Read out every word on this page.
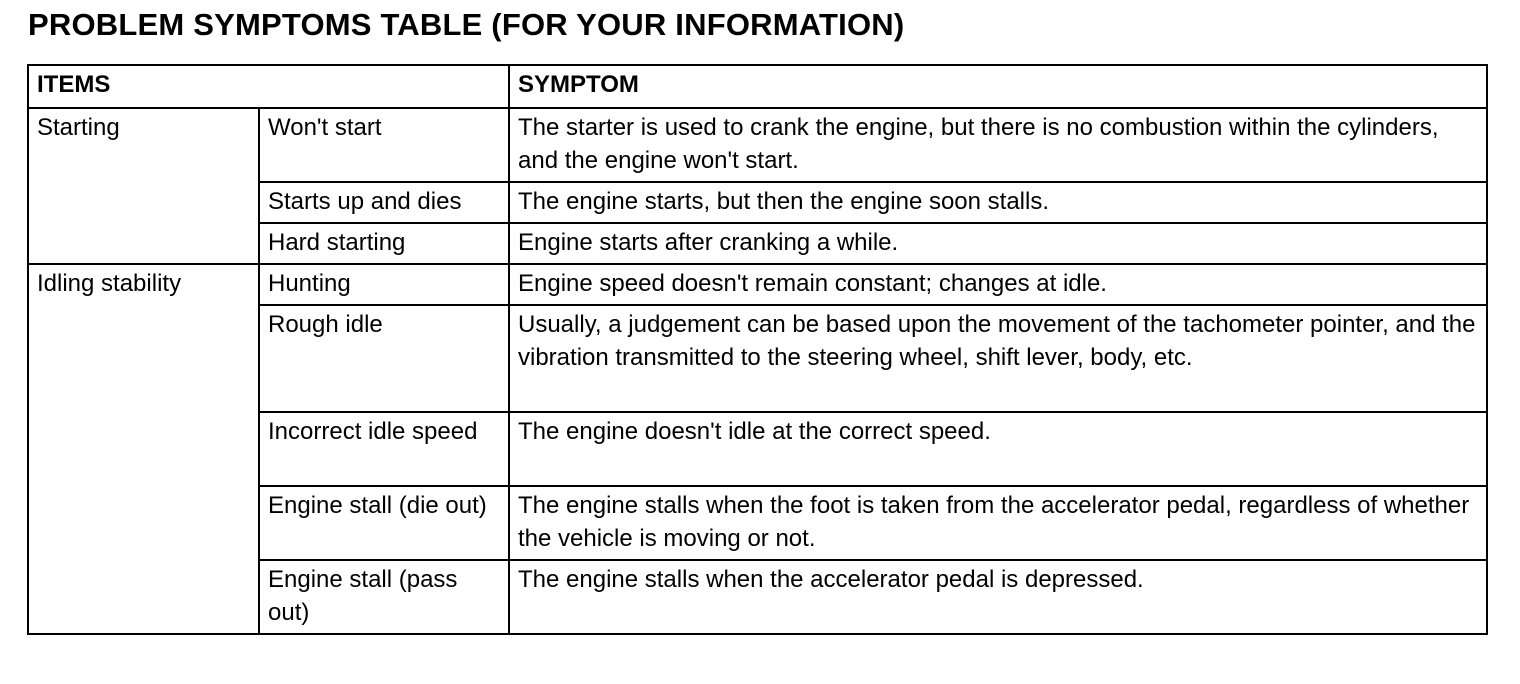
PROBLEM SYMPTOMS TABLE (FOR YOUR INFORMATION)
ITEMS		SYMPTOM
Starting	Won't start	The starter is used to crank the engine, but there is no combustion within the cylinders, and the engine won't start.
	Starts up and dies	The engine starts, but then the engine soon stalls.
	Hard starting	Engine starts after cranking a while.
Idling stability	Hunting	Engine speed doesn't remain constant; changes at idle.
	Rough idle	Usually, a judgement can be based upon the movement of the tachometer pointer, and the vibration transmitted to the steering wheel, shift lever, body, etc.
	Incorrect idle speed	The engine doesn't idle at the correct speed.
	Engine stall (die out)	The engine stalls when the foot is taken from the accelerator pedal, regardless of whether the vehicle is moving or not.
	Engine stall (pass out)	The engine stalls when the accelerator pedal is depressed.
